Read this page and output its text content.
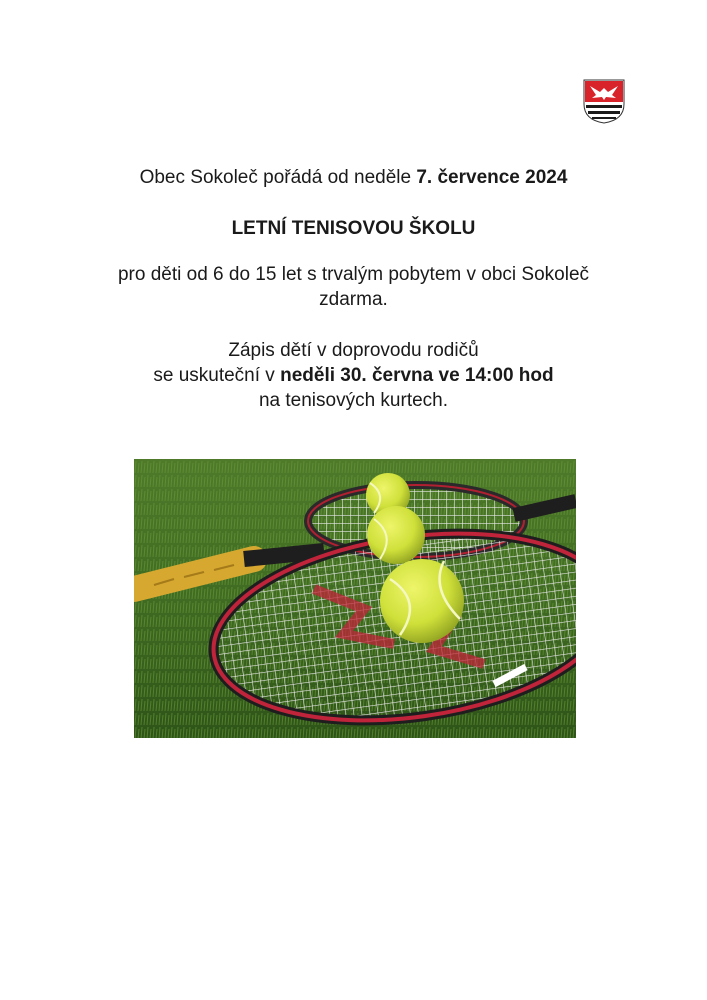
Obec Sokoleč pořádá od neděle 7. července 2024
LETNÍ TENISOVOU ŠKOLU
pro děti od 6 do 15 let s trvalým pobytem v obci Sokoleč
zdarma.
Zápis dětí v doprovodu rodičů
se uskuteční v neděli 30. června ve 14:00 hod
na tenisových kurtech.
